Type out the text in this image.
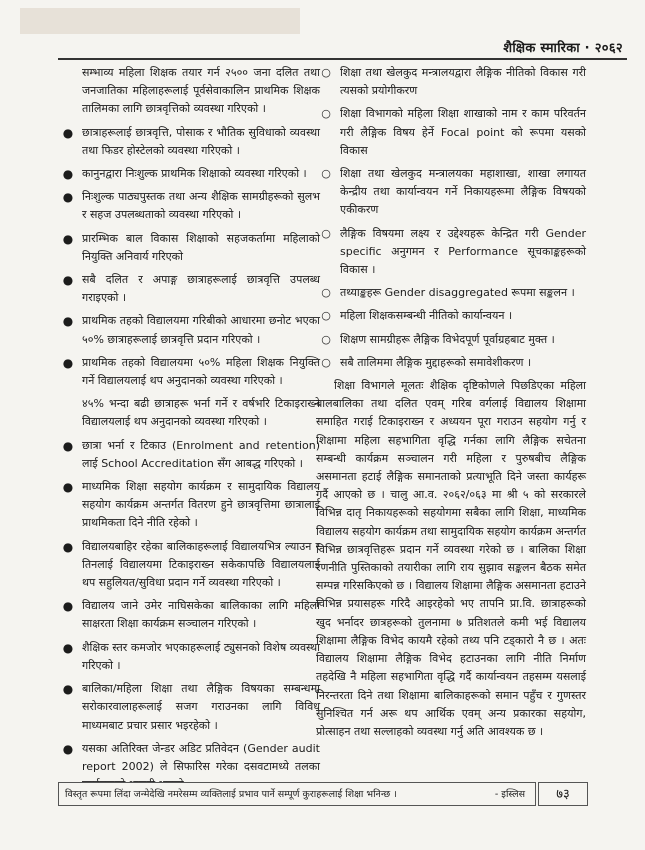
शैक्षिक स्मारिका · २०६२
सम्भाव्य महिला शिक्षक तयार गर्न २५०० जना दलित तथा जनजातिका महिलाहरूलाई पूर्वसेवाकालिन प्राथमिक शिक्षक तालिमका लागि छात्रवृत्तिको व्यवस्था गरिएको ।
● छात्राहरूलाई छात्रवृत्ति, पोसाक र भौतिक सुविधाको व्यवस्था तथा फिडर होस्टेलको व्यवस्था गरिएको ।
● कानुनद्वारा निःशुल्क प्राथमिक शिक्षाको व्यवस्था गरिएको ।
● निःशुल्क पाठ्यपुस्तक तथा अन्य शैक्षिक सामग्रीहरूको सुलभ र सहज उपलब्धताको व्यवस्था गरिएको ।
● प्रारम्भिक बाल विकास शिक्षाको सहजकर्तामा महिलाको नियुक्ति अनिवार्य गरिएको
● सबै दलित र अपाङ्ग छात्राहरूलाई छात्रवृत्ति उपलब्ध गराइएको ।
● प्राथमिक तहको विद्यालयमा गरिबीको आधारमा छनोट भएका ५०% छात्राहरूलाई छात्रवृत्ति प्रदान गरिएको ।
● प्राथमिक तहको विद्यालयमा ५०% महिला शिक्षक नियुक्ति गर्ने विद्यालयलाई थप अनुदानको व्यवस्था गरिएको ।
४५% भन्दा बढी छात्राहरू भर्ना गर्ने र वर्षभरि टिकाइराख्ने विद्यालयलाई थप अनुदानको व्यवस्था गरिएको ।
● छात्रा भर्ना र टिकाउ (Enrolment and retention) लाई School Accreditation सँग आबद्ध गरिएको ।
● माध्यमिक शिक्षा सहयोग कार्यक्रम र सामुदायिक विद्यालय सहयोग कार्यक्रम अन्तर्गत वितरण हुने छात्रवृत्तिमा छात्रालाई प्राथमिकता दिने नीति रहेको ।
● विद्यालयबाहिर रहेका बालिकाहरूलाई विद्यालयभित्र ल्याउन र तिनलाई विद्यालयमा टिकाइराख्न सकेकापछि विद्यालयलाई थप सहुलियत/सुविधा प्रदान गर्ने व्यवस्था गरिएको ।
● विद्यालय जाने उमेर नाघिसकेका बालिकाका लागि महिला साक्षरता शिक्षा कार्यक्रम सञ्चालन गरिएको ।
● शैक्षिक स्तर कमजोर भएकाहरूलाई ट्युसनको विशेष व्यवस्था गरिएको ।
● बालिका/महिला शिक्षा तथा लैङ्गिक विषयका सम्बन्धमा सरोकारवालाहरूलाई सजग गराउनका लागि विविध माध्यमबाट प्रचार प्रसार भइरहेको ।
● यसका अतिरिक्त जेन्डर अडिट प्रतिवेदन (Gender audit report 2002) ले सिफारिस गरेका दसवटामध्ये तलका
○ शिक्षा तथा खेलकुद मन्त्रालयद्वारा लैङ्गिक नीतिको विकास गरी त्यसको प्रयोगीकरण
○ शिक्षा विभागको महिला शिक्षा शाखाको नाम र काम परिवर्तन गरी लैङ्गिक विषय हेर्ने Focal point को रूपमा यसको विकास
○ शिक्षा तथा खेलकुद मन्त्रालयका महाशाखा, शाखा लगायत केन्द्रीय तथा कार्यान्वयन गर्ने निकायहरूमा लैङ्गिक विषयको एकीकरण
○ लैङ्गिक विषयमा लक्ष्य र उद्देश्यहरू केन्द्रित गरी Gender specific अनुगमन र Performance सूचकाङ्कहरूको विकास ।
○ तथ्याङ्कहरू Gender disaggregated रूपमा सङ्कलन ।
○ महिला शिक्षकसम्बन्धी नीतिको कार्यान्वयन ।
○ शिक्षण सामग्रीहरू लैङ्गिक विभेदपूर्ण पूर्वाग्रहबाट मुक्त ।
○ सबै तालिममा लैङ्गिक मुद्दाहरूको समावेशीकरण ।
शिक्षा विभागले मूलतः शैक्षिक दृष्टिकोणले पिछडिएका महिला बालबालिका तथा दलित एवम् गरिब वर्गलाई विद्यालय शिक्षामा समाहित गराई टिकाइराख्न र अध्ययन पूरा गराउन सहयोग गर्नु र शिक्षामा महिला सहभागिता वृद्धि गर्नका लागि लैङ्गिक सचेतना सम्बन्धी कार्यक्रम सञ्चालन गरी महिला र पुरुषबीच लैङ्गिक असमानता हटाई लैङ्गिक समानताको प्रत्याभूति दिने जस्ता कार्यहरू गर्दै आएको छ । चालु आ.व. २०६२/०६३ मा श्री ५ को सरकारले विभिन्न दातृ निकायहरूको सहयोगमा सबैका लागि शिक्षा, माध्यमिक विद्यालय सहयोग कार्यक्रम तथा सामुदायिक सहयोग कार्यक्रम अन्तर्गत विभिन्न छात्रवृत्तिहरू प्रदान गर्ने व्यवस्था गरेको छ । बालिका शिक्षा रणनीति पुस्तिकाको तयारीका लागि राय सुझाव सङ्कलन बैठक समेत सम्पन्न गरिसकिएको छ । विद्यालय शिक्षामा लैङ्गिक असमानता हटाउने विभिन्न प्रयासहरू गरिदै आइरहेको भए तापनि प्रा.वि. छात्राहरूको खुद भर्नादर छात्रहरूको तुलनामा ७ प्रतिशतले कमी भई विद्यालय शिक्षामा लैङ्गिक विभेद कायमै रहेको तथ्य पनि टड्कारो नै छ । अतः विद्यालय शिक्षामा लैङ्गिक विभेद हटाउनका लागि नीति निर्माण तहदेखि नै महिला सहभागिता वृद्धि गर्दै कार्यान्वयन तहसम्म यसलाई निरन्तरता दिने तथा शिक्षामा बालिकाहरूको समान पहुँच र गुणस्तर सुनिश्चित गर्न अरू थप आर्थिक एवम् अन्य प्रकारका सहयोग, प्रोत्साहन तथा सल्लाहको व्यवस्था गर्नु अति आवश्यक छ ।
विस्तृत रूपमा लिंदा जन्मेदेखि नमरेसम्म व्यक्तिलाई प्रभाव पार्ने सम्पूर्ण कुराहरूलाई शिक्षा भनिन्छ ।	- इस्लिस	७३
